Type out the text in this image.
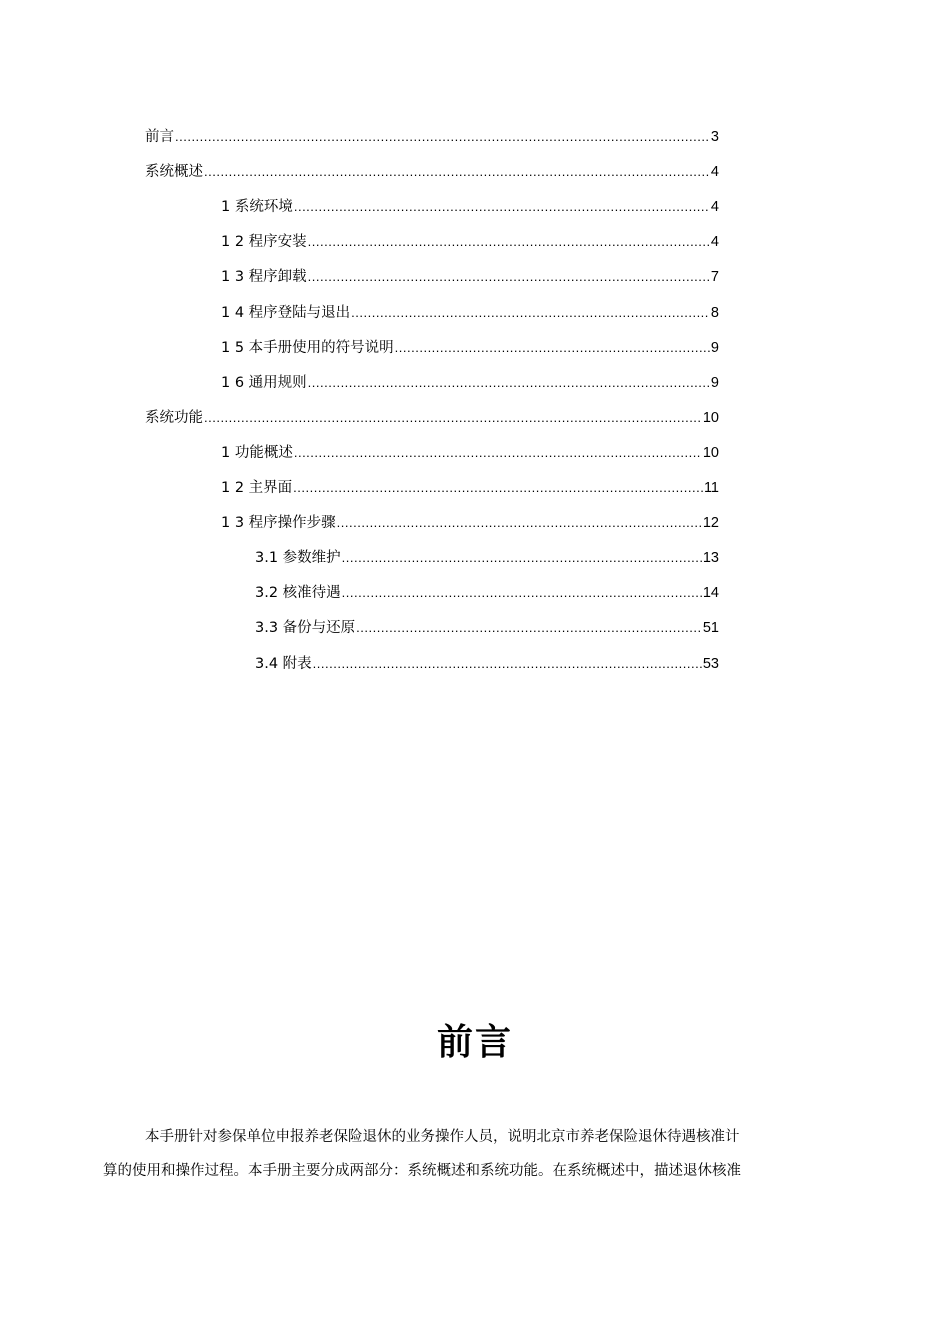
前言 .....	3
系统概述 .....	4
1 系统环境 .....	4
1 2 程序安装 .....	4
1 3 程序卸载 .....	7
1 4 程序登陆与退出 .....	8
1 5 本手册使用的符号说明 .....	9
1 6 通用规则 .....	9
系统功能 .....	10
1 功能概述 .....	10
1 2 主界面 .....	11
1 3 程序操作步骤 .....	12
3.1 参数维护 .....	13
3.2 核准待遇 .....	14
3.3 备份与还原 .....	51
3.4 附表 .....	53
前言
本手册针对参保单位申报养老保险退休的业务操作人员，说明北京市养老保险退休待遇核准计
算的使用和操作过程。本手册主要分成两部分：系统概述和系统功能。在系统概述中，描述退休核准
